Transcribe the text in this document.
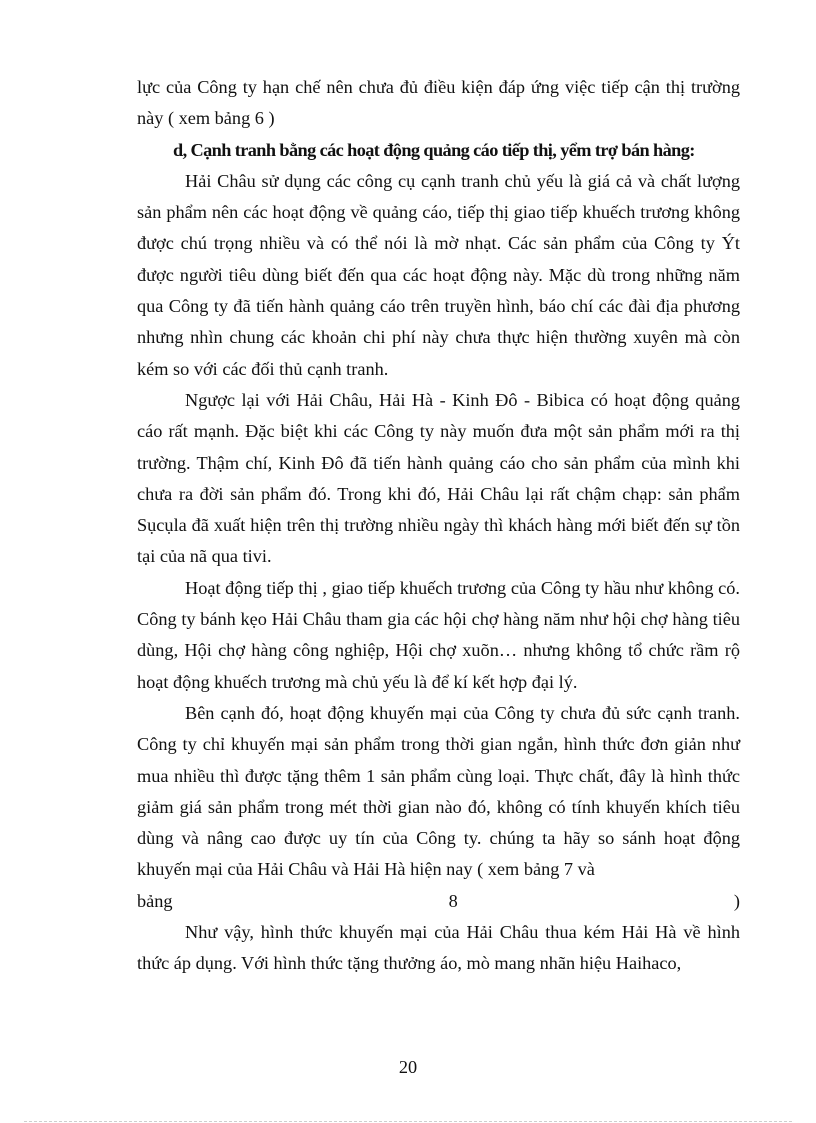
lực của Công ty hạn chế nên chưa đủ điều kiện đáp ứng việc tiếp cận thị trường này ( xem bảng 6 )

d, Cạnh tranh bằng các hoạt động quảng cáo tiếp thị, yểm trợ bán hàng:

Hải Châu sử dụng các công cụ cạnh tranh chủ yếu là giá cả và chất lượng sản phẩm nên các hoạt động về quảng cáo, tiếp thị giao tiếp khuếch trương không được chú trọng nhiều và có thể nói là mờ nhạt. Các sản phẩm của Công ty Ýt được người tiêu dùng biết đến qua các hoạt động này. Mặc dù trong những năm qua Công ty đã tiến hành quảng cáo trên truyền hình, báo chí các đài địa phương nhưng nhìn chung các khoản chi phí này chưa thực hiện thường xuyên mà còn kém so với các đối thủ cạnh tranh.

Ngược lại với Hải Châu, Hải Hà - Kinh Đô - Bibica có hoạt động quảng cáo rất mạnh. Đặc biệt khi các Công ty này muốn đưa một sản phẩm mới ra thị trường. Thậm chí, Kinh Đô đã tiến hành quảng cáo cho sản phẩm của mình khi chưa ra đời sản phẩm đó. Trong khi đó, Hải Châu lại rất chậm chạp: sản phẩm Sụcụla đã xuất hiện trên thị trường nhiều ngày thì khách hàng mới biết đến sự tồn tại của nã qua tivi.

Hoạt động tiếp thị , giao tiếp khuếch trương của Công ty hầu như không có. Công ty bánh kẹo Hải Châu tham gia các hội chợ hàng năm như hội chợ hàng tiêu dùng, Hội chợ hàng công nghiệp, Hội chợ xuõn… nhưng không tổ chức rầm rộ hoạt động khuếch trương mà chủ yếu là để kí kết hợp đại lý.

Bên cạnh đó, hoạt động khuyến mại của Công ty chưa đủ sức cạnh tranh. Công ty chỉ khuyến mại sản phẩm trong thời gian ngắn, hình thức đơn giản như mua nhiều thì được tặng thêm 1 sản phẩm cùng loại. Thực chất, đây là hình thức giảm giá sản phẩm trong mét thời gian nào đó, không có tính khuyến khích tiêu dùng và nâng cao được uy tín của Công ty. chúng ta hãy so sánh hoạt động khuyến mại của Hải Châu và Hải Hà hiện nay ( xem bảng 7 và

bảng	8	)

Như vậy, hình thức khuyến mại của Hải Châu thua kém Hải Hà về hình thức áp dụng. Với hình thức tặng thưởng áo, mò mang nhãn hiệu Haihaco,

20
